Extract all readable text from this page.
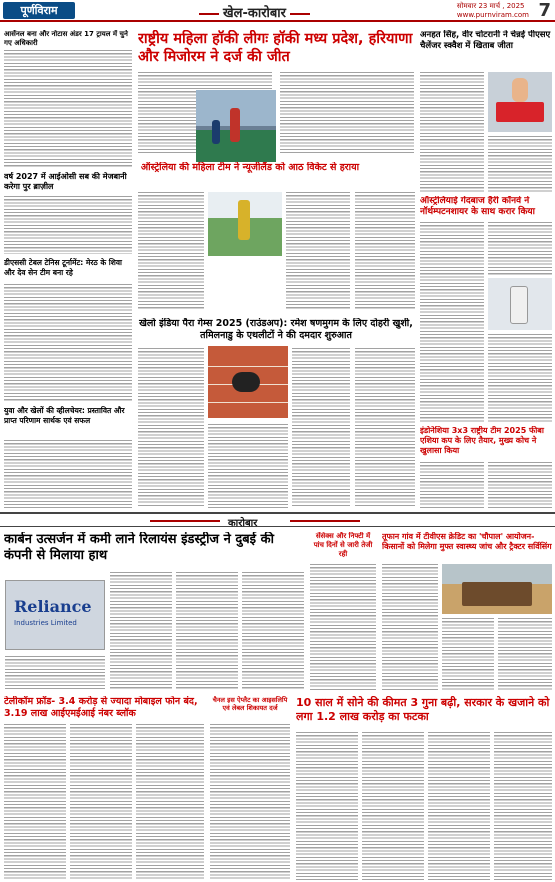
पूर्णविराम	खेल-कारोबार	सोमवार 23 मार्च , 2025
www.purnviram.com 7
आर्सेनल बना और नोटास अंडर 17 ट्रायल में चुने गए अधिकारी
वर्ष 2027 में आईओसी सब की मेजबानी करेगा पुर ब्राज़ील
डीएससी टेबल टेनिस टूर्नामेंट: मेरठ के शिवा और देव सेन टीम बना रहे
युवा और खेलों की व्हीलचेयर: प्रस्तावित और प्राप्त परिणाम सार्थक एवं सफल
राष्ट्रीय महिला हॉकी लीगः हॉकी मध्य प्रदेश, हरियाणा और मिजोरम ने दर्ज की जीत
ऑस्ट्रेलिया की महिला टीम ने न्यूजीलैंड को आठ विकेट से हराया
खेलो इंडिया पैरा गेम्स 2025 (राउंडअप): रमेश षणमुगम के लिए दोहरी खुशी, तमिलनाडु के एथलीटों ने की दमदार शुरुआत
अनहत सिंह, वीर चोटरानी ने चेन्नई पीएसए चैलेंजर स्क्वैश में खिताब जीता
ऑस्ट्रेलियाई गेंदबाज हैरी कॉनवे ने नॉर्थम्पटनशायर के साथ करार किया
इंडोनेशिया 3x3 राष्ट्रीय टीम 2025 फीबा एशिया कप के लिए तैयार, मुख्य कोच ने खुलासा किया
कारोबार
कार्बन उत्सर्जन में कमी लाने रिलायंस इंडस्ट्रीज ने दुबई की कंपनी से मिलाया हाथ
Reliance
Industries Limited
सेंसेक्स और निफ्टी में पांच दिनों से जारी तेजी रही
तूफान गांव में टीवीएस क्रेडिट का 'चौपाल' आयोजन- किसानों को मिलेगा मुफ्त स्वास्थ्य जांच और ट्रैक्टर सर्विसिंग
टेलीकॉम फ्रॉड- 3.4 करोड़ से ज्यादा मोबाइल फोन बंद, 3.19 लाख आईएमईआई नंबर ब्लॉक
चैनल इस ऐप्लैट का आइसलिपि एवं लेबल शिकायत दर्ज	10 साल में सोने की कीमत 3 गुना बढ़ी, सरकार के खजाने को लगा 1.2 लाख करोड़ का फटका
